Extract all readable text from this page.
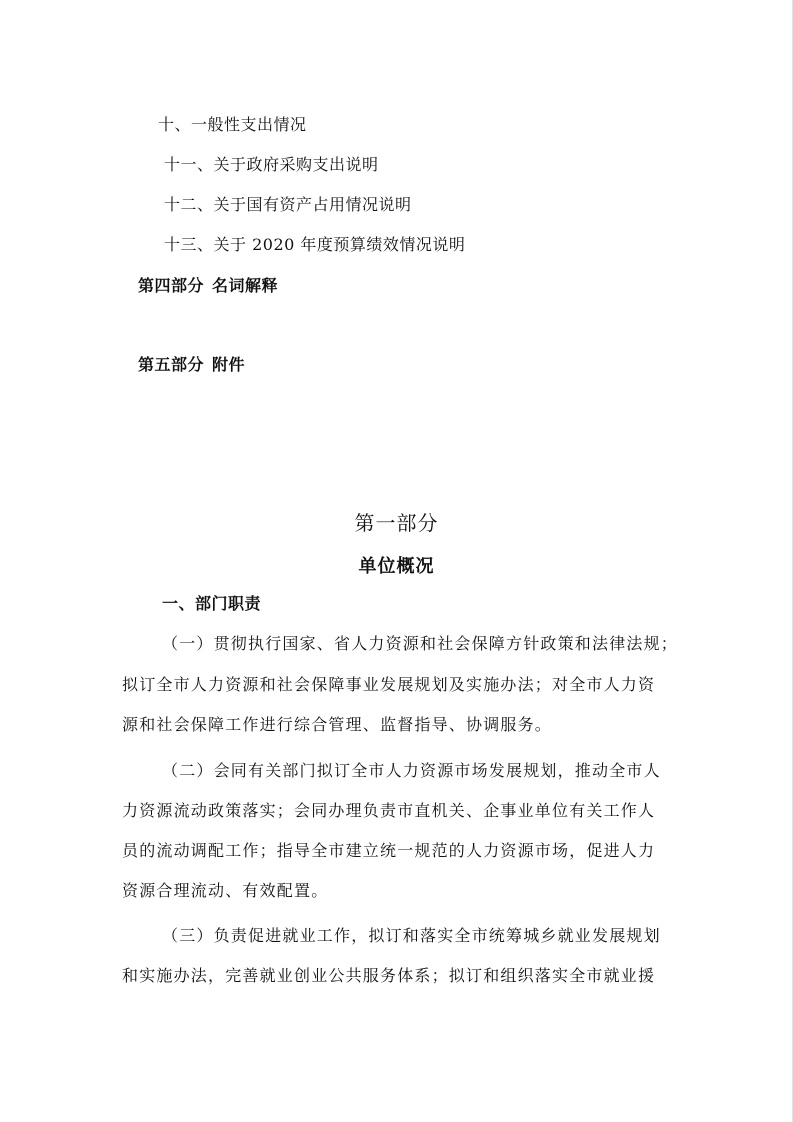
十、一般性支出情况
十一、关于政府采购支出说明
十二、关于国有资产占用情况说明
十三、关于 2020 年度预算绩效情况说明
第四部分 名词解释
第五部分 附件
第一部分
单位概况
一、部门职责
（一）贯彻执行国家、省人力资源和社会保障方针政策和法律法规；
拟订全市人力资源和社会保障事业发展规划及实施办法；对全市人力资
源和社会保障工作进行综合管理、监督指导、协调服务。
（二）会同有关部门拟订全市人力资源市场发展规划，推动全市人
力资源流动政策落实；会同办理负责市直机关、企事业单位有关工作人
员的流动调配工作；指导全市建立统一规范的人力资源市场，促进人力
资源合理流动、有效配置。
（三）负责促进就业工作，拟订和落实全市统筹城乡就业发展规划
和实施办法，完善就业创业公共服务体系；拟订和组织落实全市就业援
